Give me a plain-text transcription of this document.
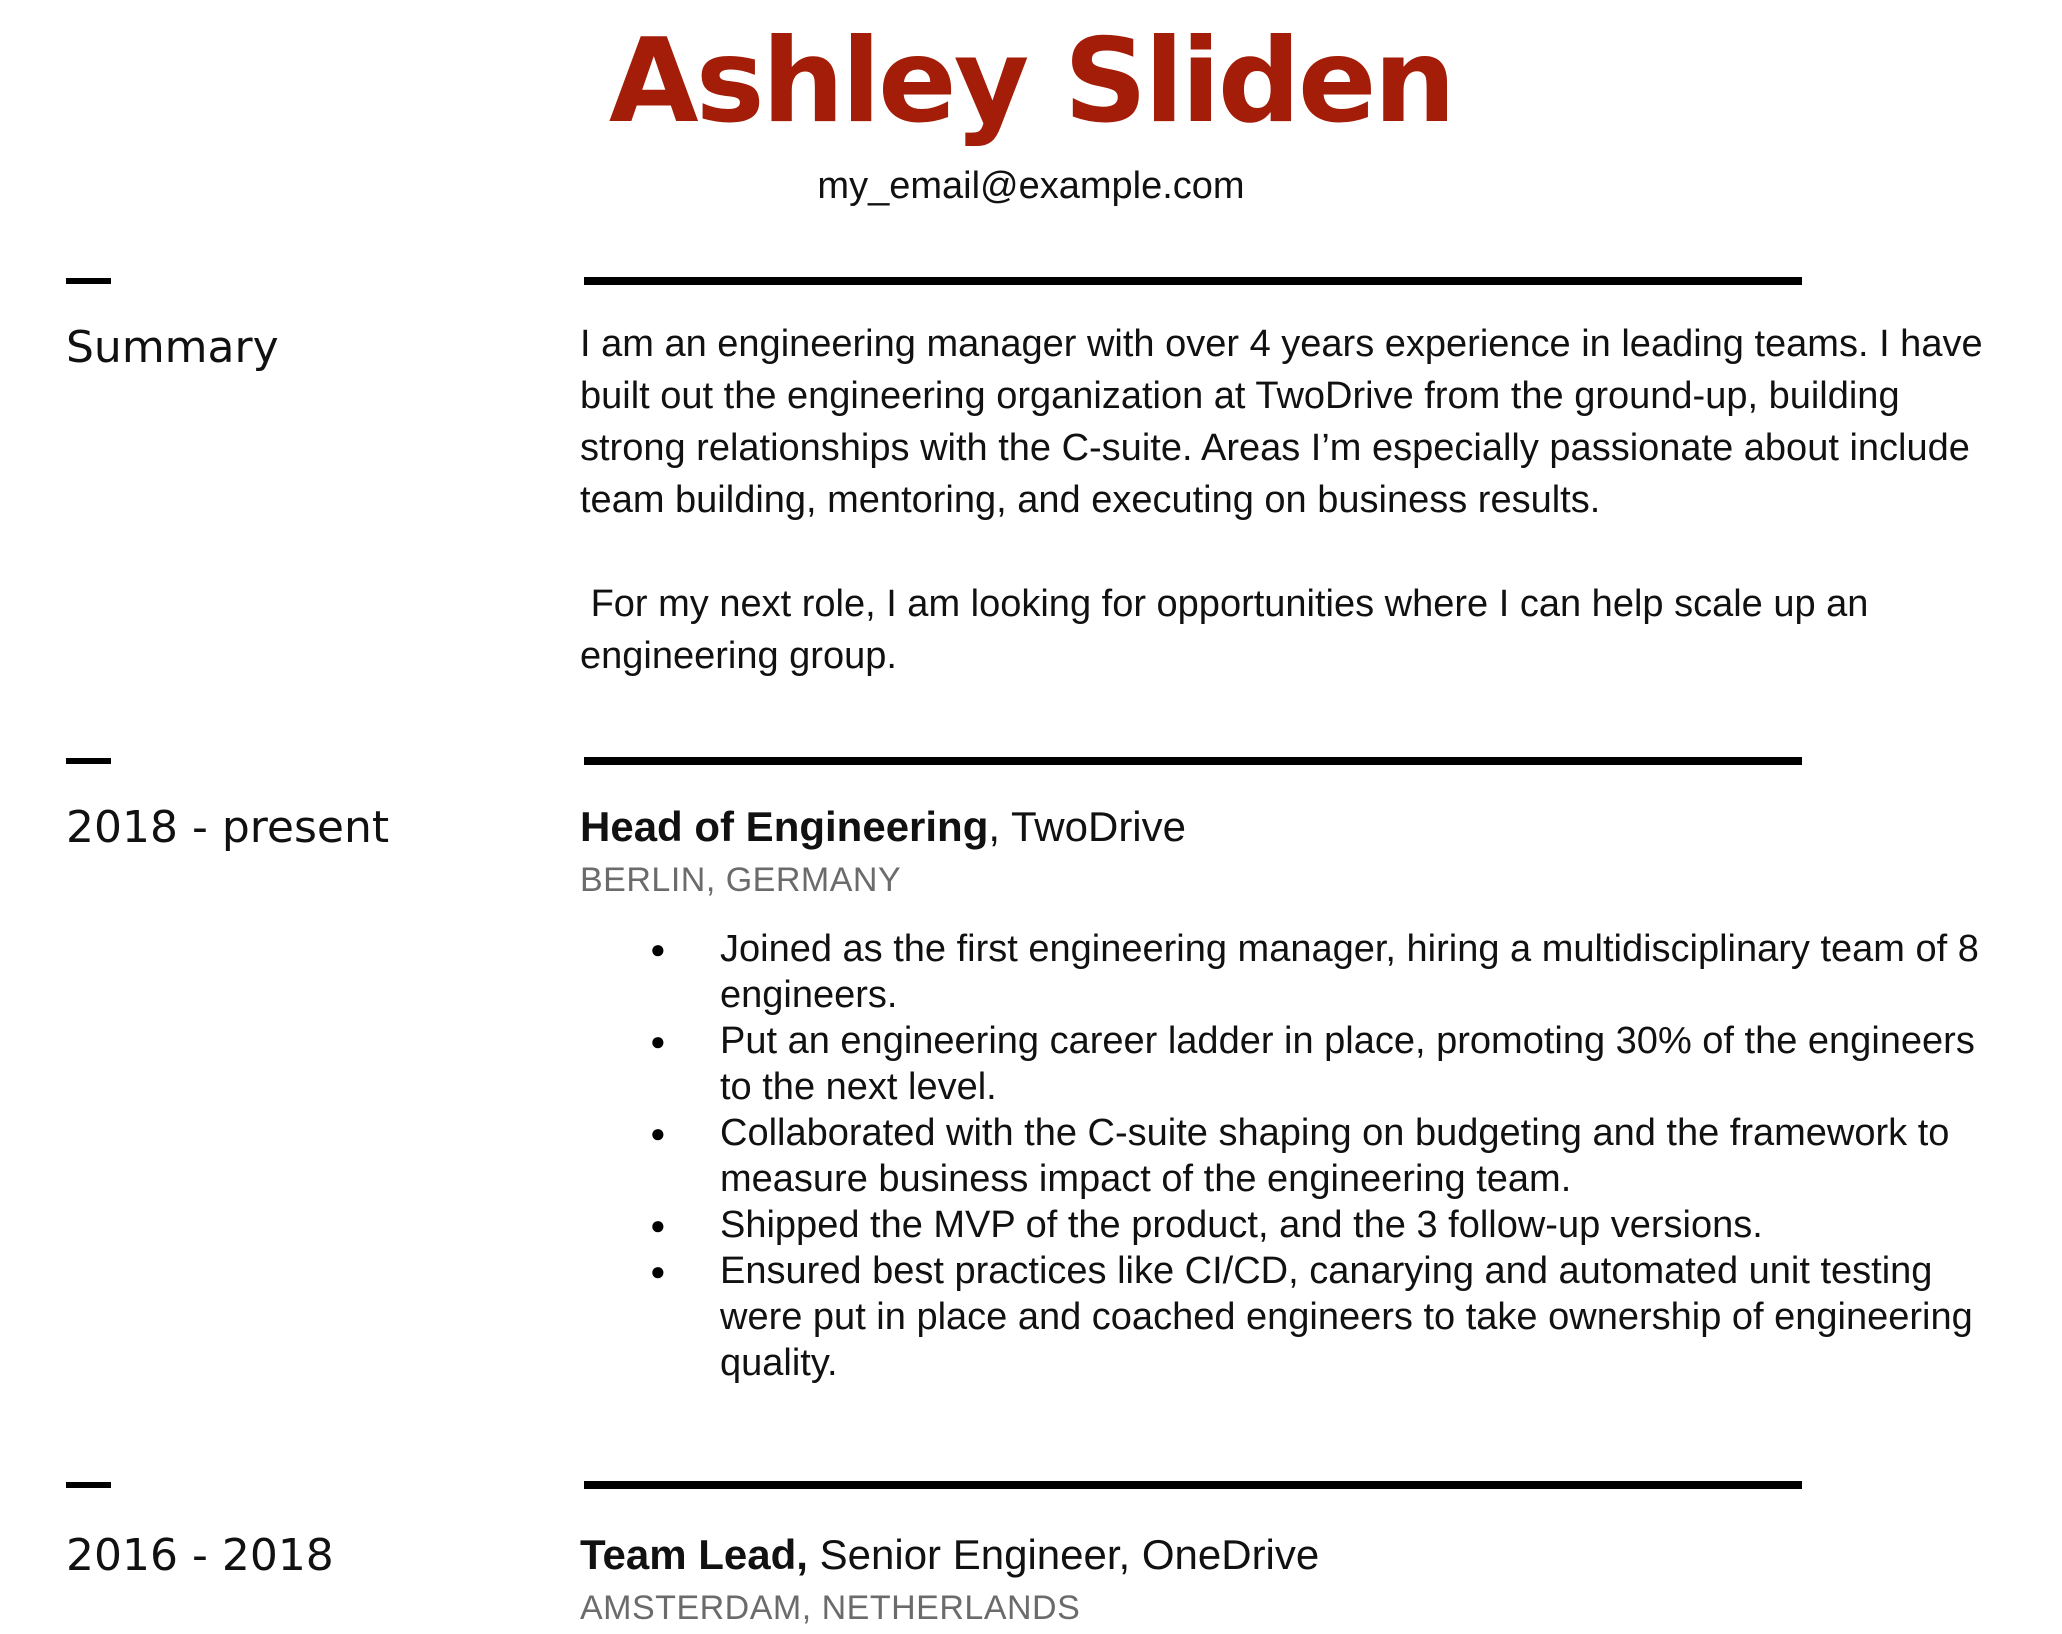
Ashley Sliden
my_email@example.com
Summary	I am an engineering manager with over 4 years experience in leading teams. I have built out the engineering organization at TwoDrive from the ground-up, building strong relationships with the C-suite. Areas I’m especially passionate about include team building, mentoring, and executing on business results.
For my next role, I am looking for opportunities where I can help scale up an engineering group.
2018 - present	Head of Engineering, TwoDrive
BERLIN, GERMANY
● Joined as the first engineering manager, hiring a multidisciplinary team of 8 engineers.
● Put an engineering career ladder in place, promoting 30% of the engineers to the next level.
● Collaborated with the C-suite shaping on budgeting and the framework to measure business impact of the engineering team.
● Shipped the MVP of the product, and the 3 follow-up versions.
● Ensured best practices like CI/CD, canarying and automated unit testing were put in place and coached engineers to take ownership of engineering quality.
2016 - 2018	Team Lead, Senior Engineer, OneDrive
AMSTERDAM, NETHERLANDS
